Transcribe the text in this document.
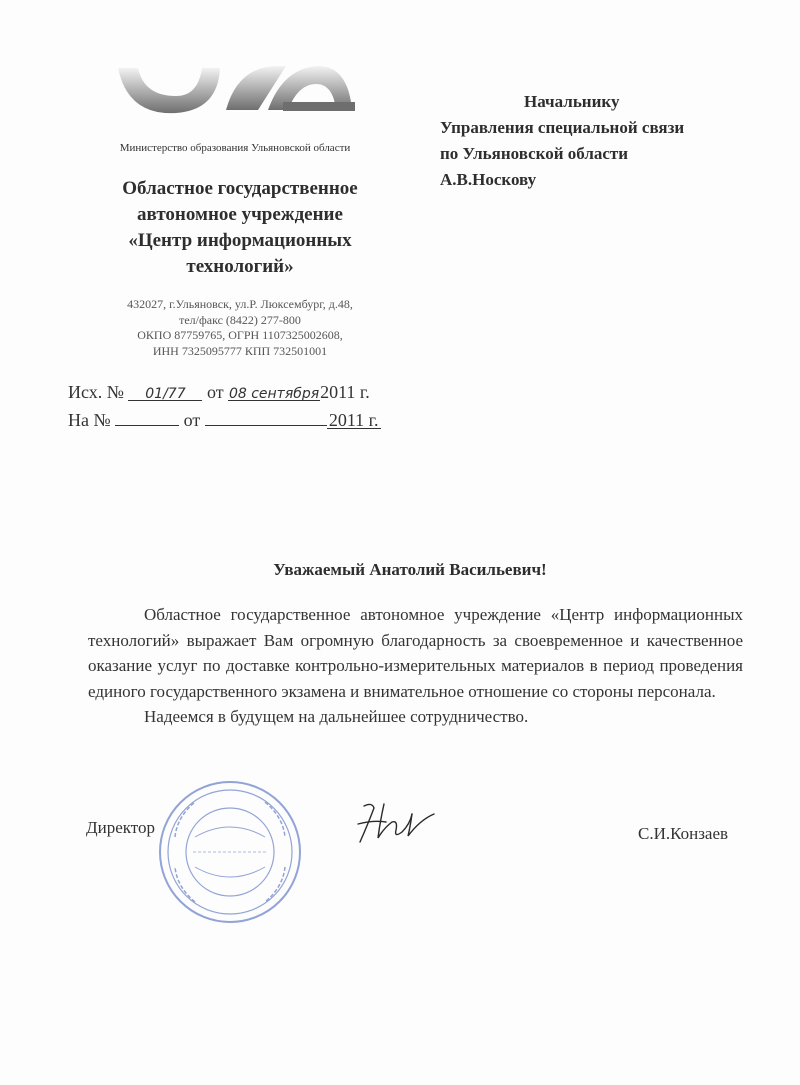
Министерство образования Ульяновской области
Областное государственное
автономное учреждение
«Центр информационных
технологий»
432027, г.Ульяновск, ул.Р. Люксембург, д.48,
тел/факс (8422) 277-800
ОКПО 87759765, ОГРН 1107325002608,
ИНН 7325095777 КПП 732501001
Начальнику
Управления специальной связи
по Ульяновской области
А.В.Носкову
Исх. № 01/77 от 08 сентября2011 г.
На №	от	2011 г.
Уважаемый Анатолий Васильевич!

Областное государственное автономное учреждение «Центр информационных технологий» выражает Вам огромную благодарность за своевременное и качественное оказание услуг по доставке контрольно-измерительных материалов в период проведения единого государственного экзамена и внимательное отношение со стороны персонала.

Надеемся в будущем на дальнейшее сотрудничество.

Директор	С.И.Конзаев
